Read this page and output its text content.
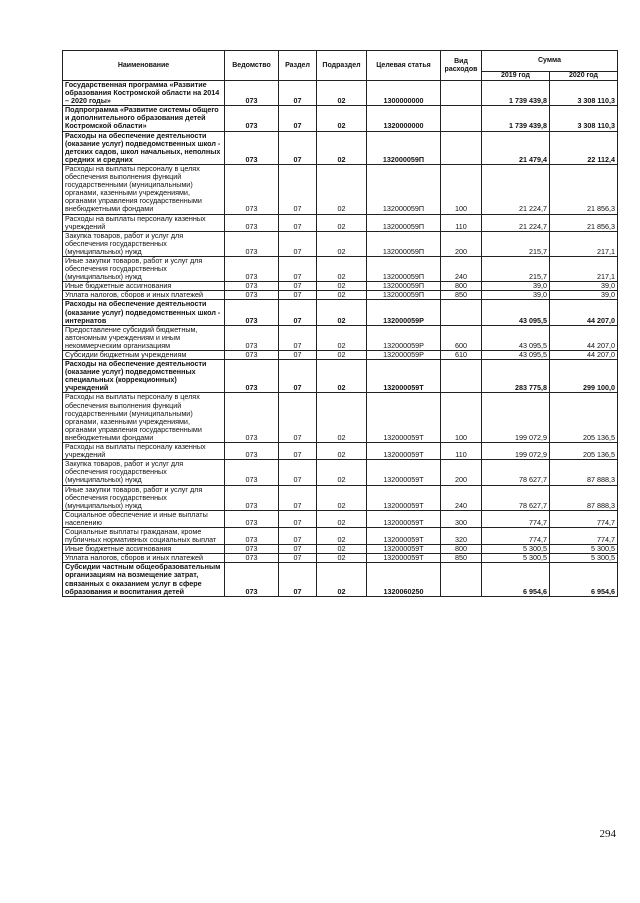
Наименование	Ведомство	Раздел	Подраздел	Целевая статья	Вид расходов	Сумма	
						2019 год	2020 год
Государственная программа «Развитие образования Костромской области на 2014 – 2020 годы»	073	07	02	1300000000		1 739 439,8	3 308 110,3
Подпрограмма «Развитие системы общего и дополнительного образования детей Костромской области»	073	07	02	1320000000		1 739 439,8	3 308 110,3
Расходы на обеспечение деятельности (оказание услуг) подведомственных школ - детских садов, школ начальных, неполных средних и средних	073	07	02	132000059П		21 479,4	22 112,4
Расходы на выплаты персоналу в целях обеспечения выполнения функций государственными (муниципальными) органами, казенными учреждениями, органами управления государственными внебюджетными фондами	073	07	02	132000059П	100	21 224,7	21 856,3
Расходы на выплаты персоналу казенных учреждений	073	07	02	132000059П	110	21 224,7	21 856,3
Закупка товаров, работ и услуг для обеспечения государственных (муниципальных) нужд	073	07	02	132000059П	200	215,7	217,1
Иные закупки товаров, работ и услуг для обеспечения государственных (муниципальных) нужд	073	07	02	132000059П	240	215,7	217,1
Иные бюджетные ассигнования	073	07	02	132000059П	800	39,0	39,0
Уплата налогов, сборов и иных платежей	073	07	02	132000059П	850	39,0	39,0
Расходы на обеспечение деятельности (оказание услуг) подведомственных школ - интернатов	073	07	02	132000059Р		43 095,5	44 207,0
Предоставление субсидий бюджетным, автономным учреждениям и иным некоммерческим организациям	073	07	02	132000059Р	600	43 095,5	44 207,0
Субсидии бюджетным учреждениям	073	07	02	132000059Р	610	43 095,5	44 207,0
Расходы на обеспечение деятельности (оказание услуг) подведомственных специальных (коррекционных) учреждений	073	07	02	132000059Т		283 775,8	299 100,0
Расходы на выплаты персоналу в целях обеспечения выполнения функций государственными (муниципальными) органами, казенными учреждениями, органами управления государственными внебюджетными фондами	073	07	02	132000059Т	100	199 072,9	205 136,5
Расходы на выплаты персоналу казенных учреждений	073	07	02	132000059Т	110	199 072,9	205 136,5
Закупка товаров, работ и услуг для обеспечения государственных (муниципальных) нужд	073	07	02	132000059Т	200	78 627,7	87 888,3
Иные закупки товаров, работ и услуг для обеспечения государственных (муниципальных) нужд	073	07	02	132000059Т	240	78 627,7	87 888,3
Социальное обеспечение и иные выплаты населению	073	07	02	132000059Т	300	774,7	774,7
Социальные выплаты гражданам, кроме публичных нормативных социальных выплат	073	07	02	132000059Т	320	774,7	774,7
Иные бюджетные ассигнования	073	07	02	132000059Т	800	5 300,5	5 300,5
Уплата налогов, сборов и иных платежей	073	07	02	132000059Т	850	5 300,5	5 300,5
Субсидии частным общеобразовательным организациям на возмещение затрат, связанных с оказанием услуг в сфере образования и воспитания детей	073	07	02	1320060250		6 954,6	6 954,6
294
